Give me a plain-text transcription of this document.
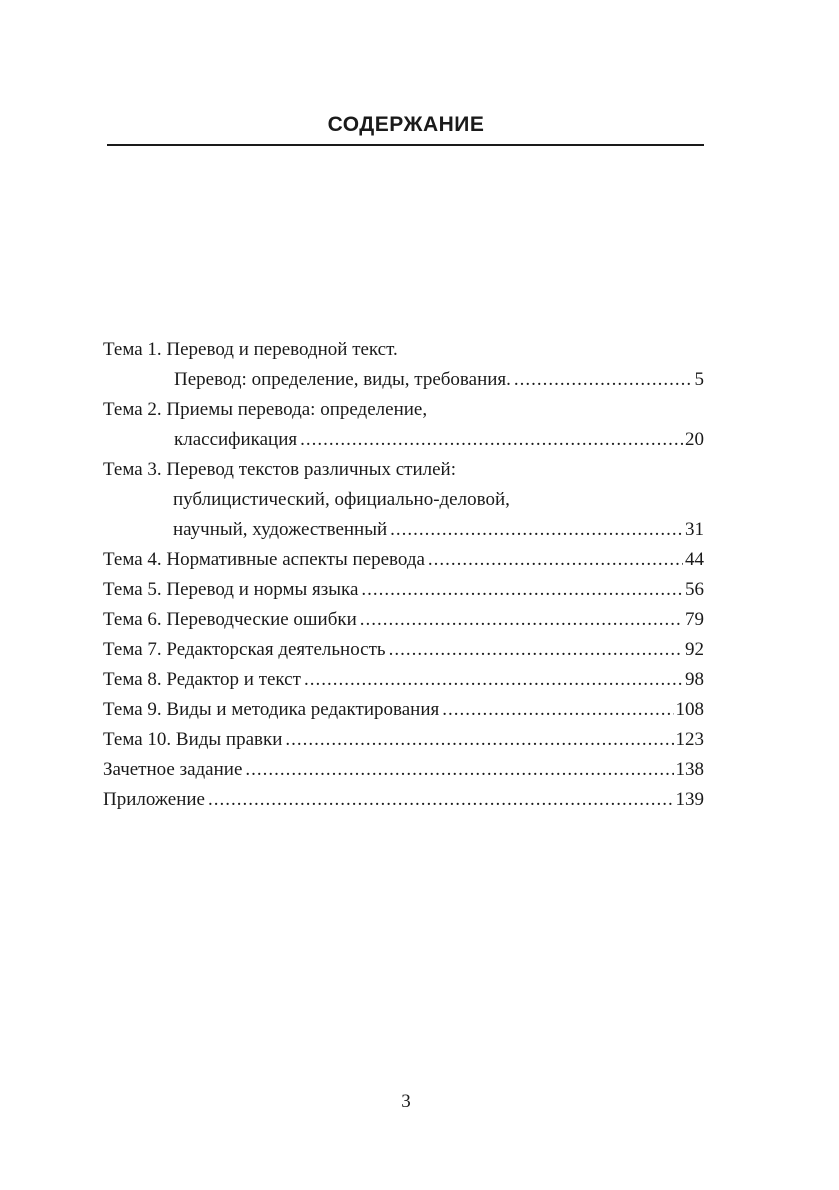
СОДЕРЖАНИЕ
Тема 1. Перевод и переводной текст.
Перевод: определение, виды, требования. .....	5
Тема 2. Приемы перевода: определение,
классификация .....	20
Тема 3. Перевод текстов различных стилей:
публицистический, официально-деловой,
научный, художественный .....	31
Тема 4. Нормативные аспекты перевода .....	44
Тема 5. Перевод и нормы языка .....	56
Тема 6. Переводческие ошибки .....	79
Тема 7. Редакторская деятельность .....	92
Тема 8. Редактор и текст .....	98
Тема 9. Виды и методика редактирования .....	108
Тема 10. Виды правки .....	123
Зачетное задание .....	138
Приложение .....	139
3
